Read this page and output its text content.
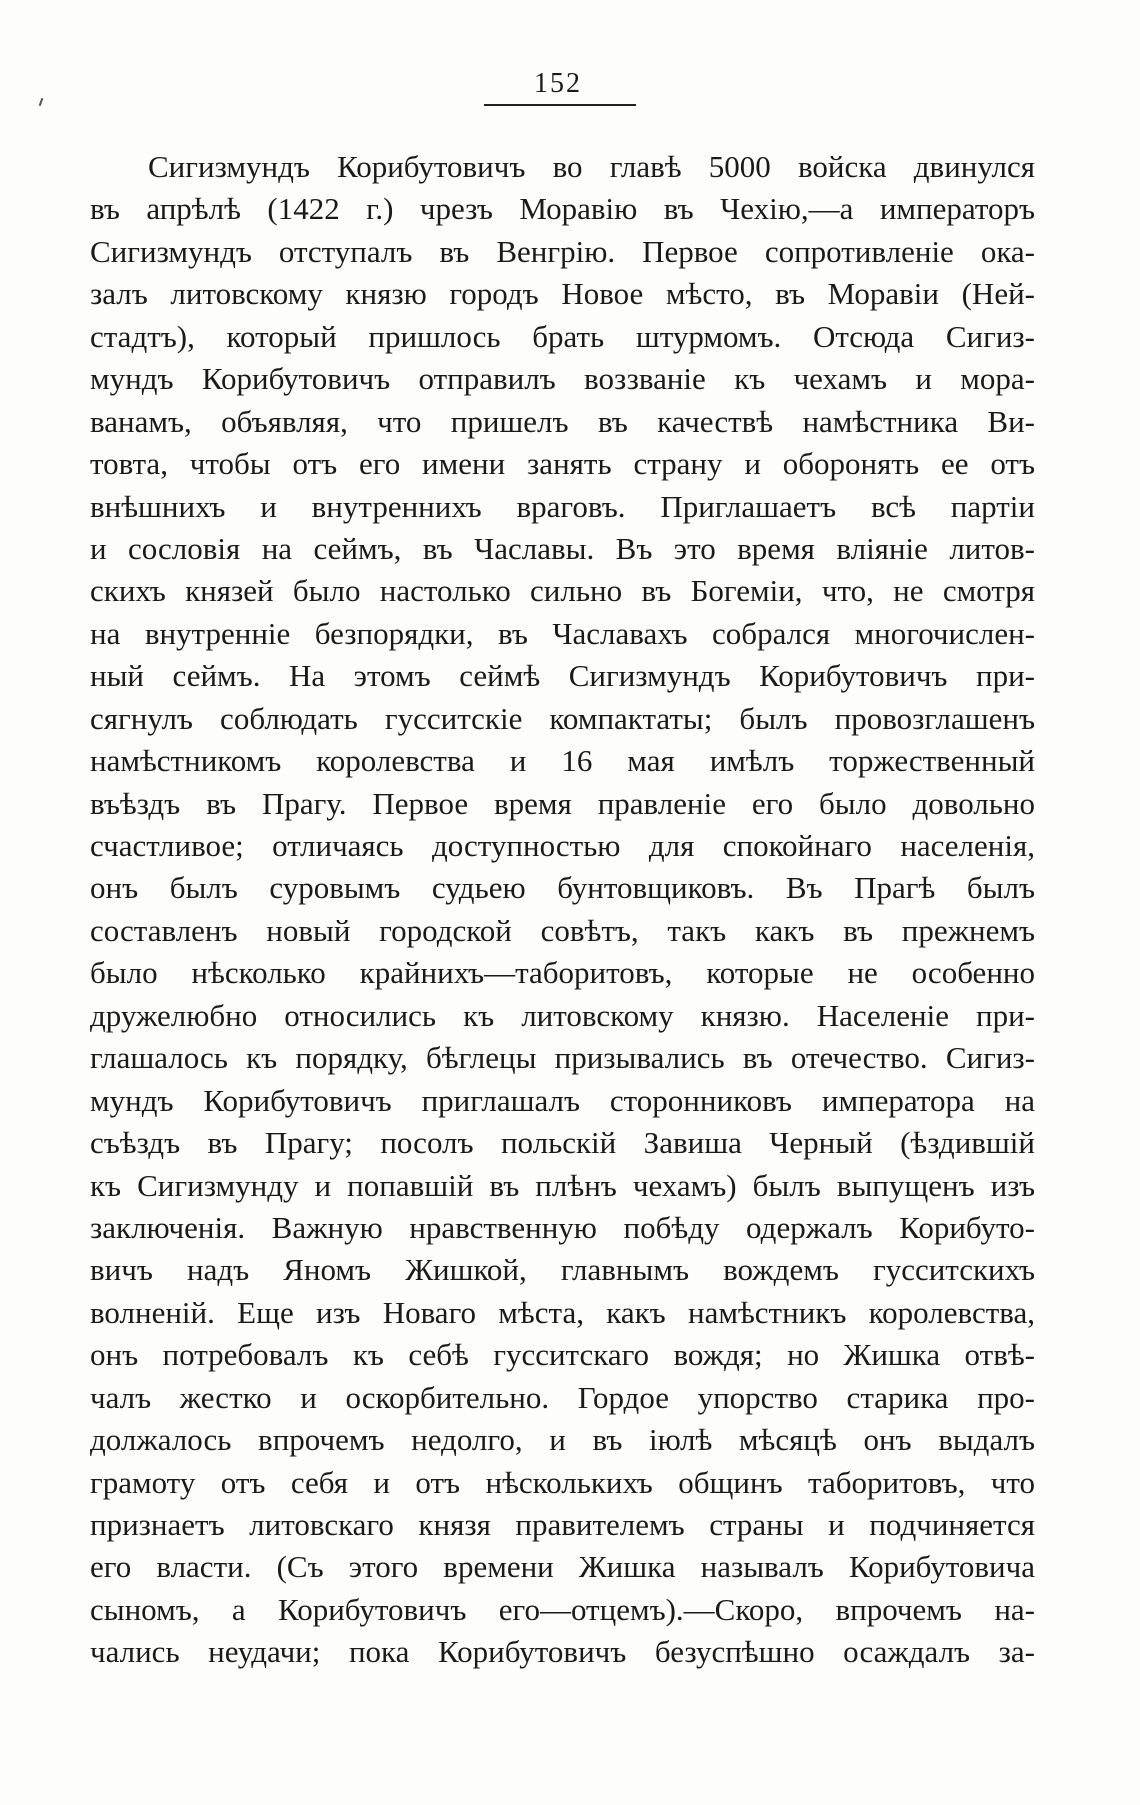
152
Сигизмундъ Корибутовичъ во главѣ 5000 войска двинулся
въ апрѣлѣ (1422 г.) чрезъ Моравію въ Чехію,—а императоръ
Сигизмундъ отступалъ въ Венгрію. Первое сопротивленіе ока-
залъ литовскому князю городъ Новое мѣсто, въ Моравіи (Ней-
стадтъ), который пришлось брать штурмомъ. Отсюда Сигиз-
мундъ Корибутовичъ отправилъ воззваніе къ чехамъ и мора-
ванамъ, объявляя, что пришелъ въ качествѣ намѣстника Ви-
товта, чтобы отъ его имени занять страну и оборонять ее отъ
внѣшнихъ и внутреннихъ враговъ. Приглашаетъ всѣ партіи
и сословія на сеймъ, въ Чаславы. Въ это время вліяніе литов-
скихъ князей было настолько сильно въ Богеміи, что, не смотря
на внутренніе безпорядки, въ Чаславахъ собрался многочислен-
ный сеймъ. На этомъ сеймѣ Сигизмундъ Корибутовичъ при-
сягнулъ соблюдать гусситскіе компактаты; былъ провозглашенъ
намѣстникомъ королевства и 16 мая имѣлъ торжественный
въѣздъ въ Прагу. Первое время правленіе его было довольно
счастливое; отличаясь доступностью для спокойнаго населенія,
онъ былъ суровымъ судьею бунтовщиковъ. Въ Прагѣ былъ
составленъ новый городской совѣтъ, такъ какъ въ прежнемъ
было нѣсколько крайнихъ—таборитовъ, которые не особенно
дружелюбно относились къ литовскому князю. Населеніе при-
глашалось къ порядку, бѣглецы призывались въ отечество. Сигиз-
мундъ Корибутовичъ приглашалъ сторонниковъ императора на
съѣздъ въ Прагу; посолъ польскій Завиша Черный (ѣздившій
къ Сигизмунду и попавшій въ плѣнъ чехамъ) былъ выпущенъ изъ
заключенія. Важную нравственную побѣду одержалъ Корибуто-
вичъ надъ Яномъ Жишкой, главнымъ вождемъ гусситскихъ
волненій. Еще изъ Новаго мѣста, какъ намѣстникъ королевства,
онъ потребовалъ къ себѣ гусситскаго вождя; но Жишка отвѣ-
чалъ жестко и оскорбительно. Гордое упорство старика про-
должалось впрочемъ недолго, и въ іюлѣ мѣсяцѣ онъ выдалъ
грамоту отъ себя и отъ нѣсколькихъ общинъ таборитовъ, что
признаетъ литовскаго князя правителемъ страны и подчиняется
его власти. (Съ этого времени Жишка называлъ Корибутовича
сыномъ, а Корибутовичъ его—отцемъ).—Скоро, впрочемъ на-
чались неудачи; пока Корибутовичъ безуспѣшно осаждалъ за-
